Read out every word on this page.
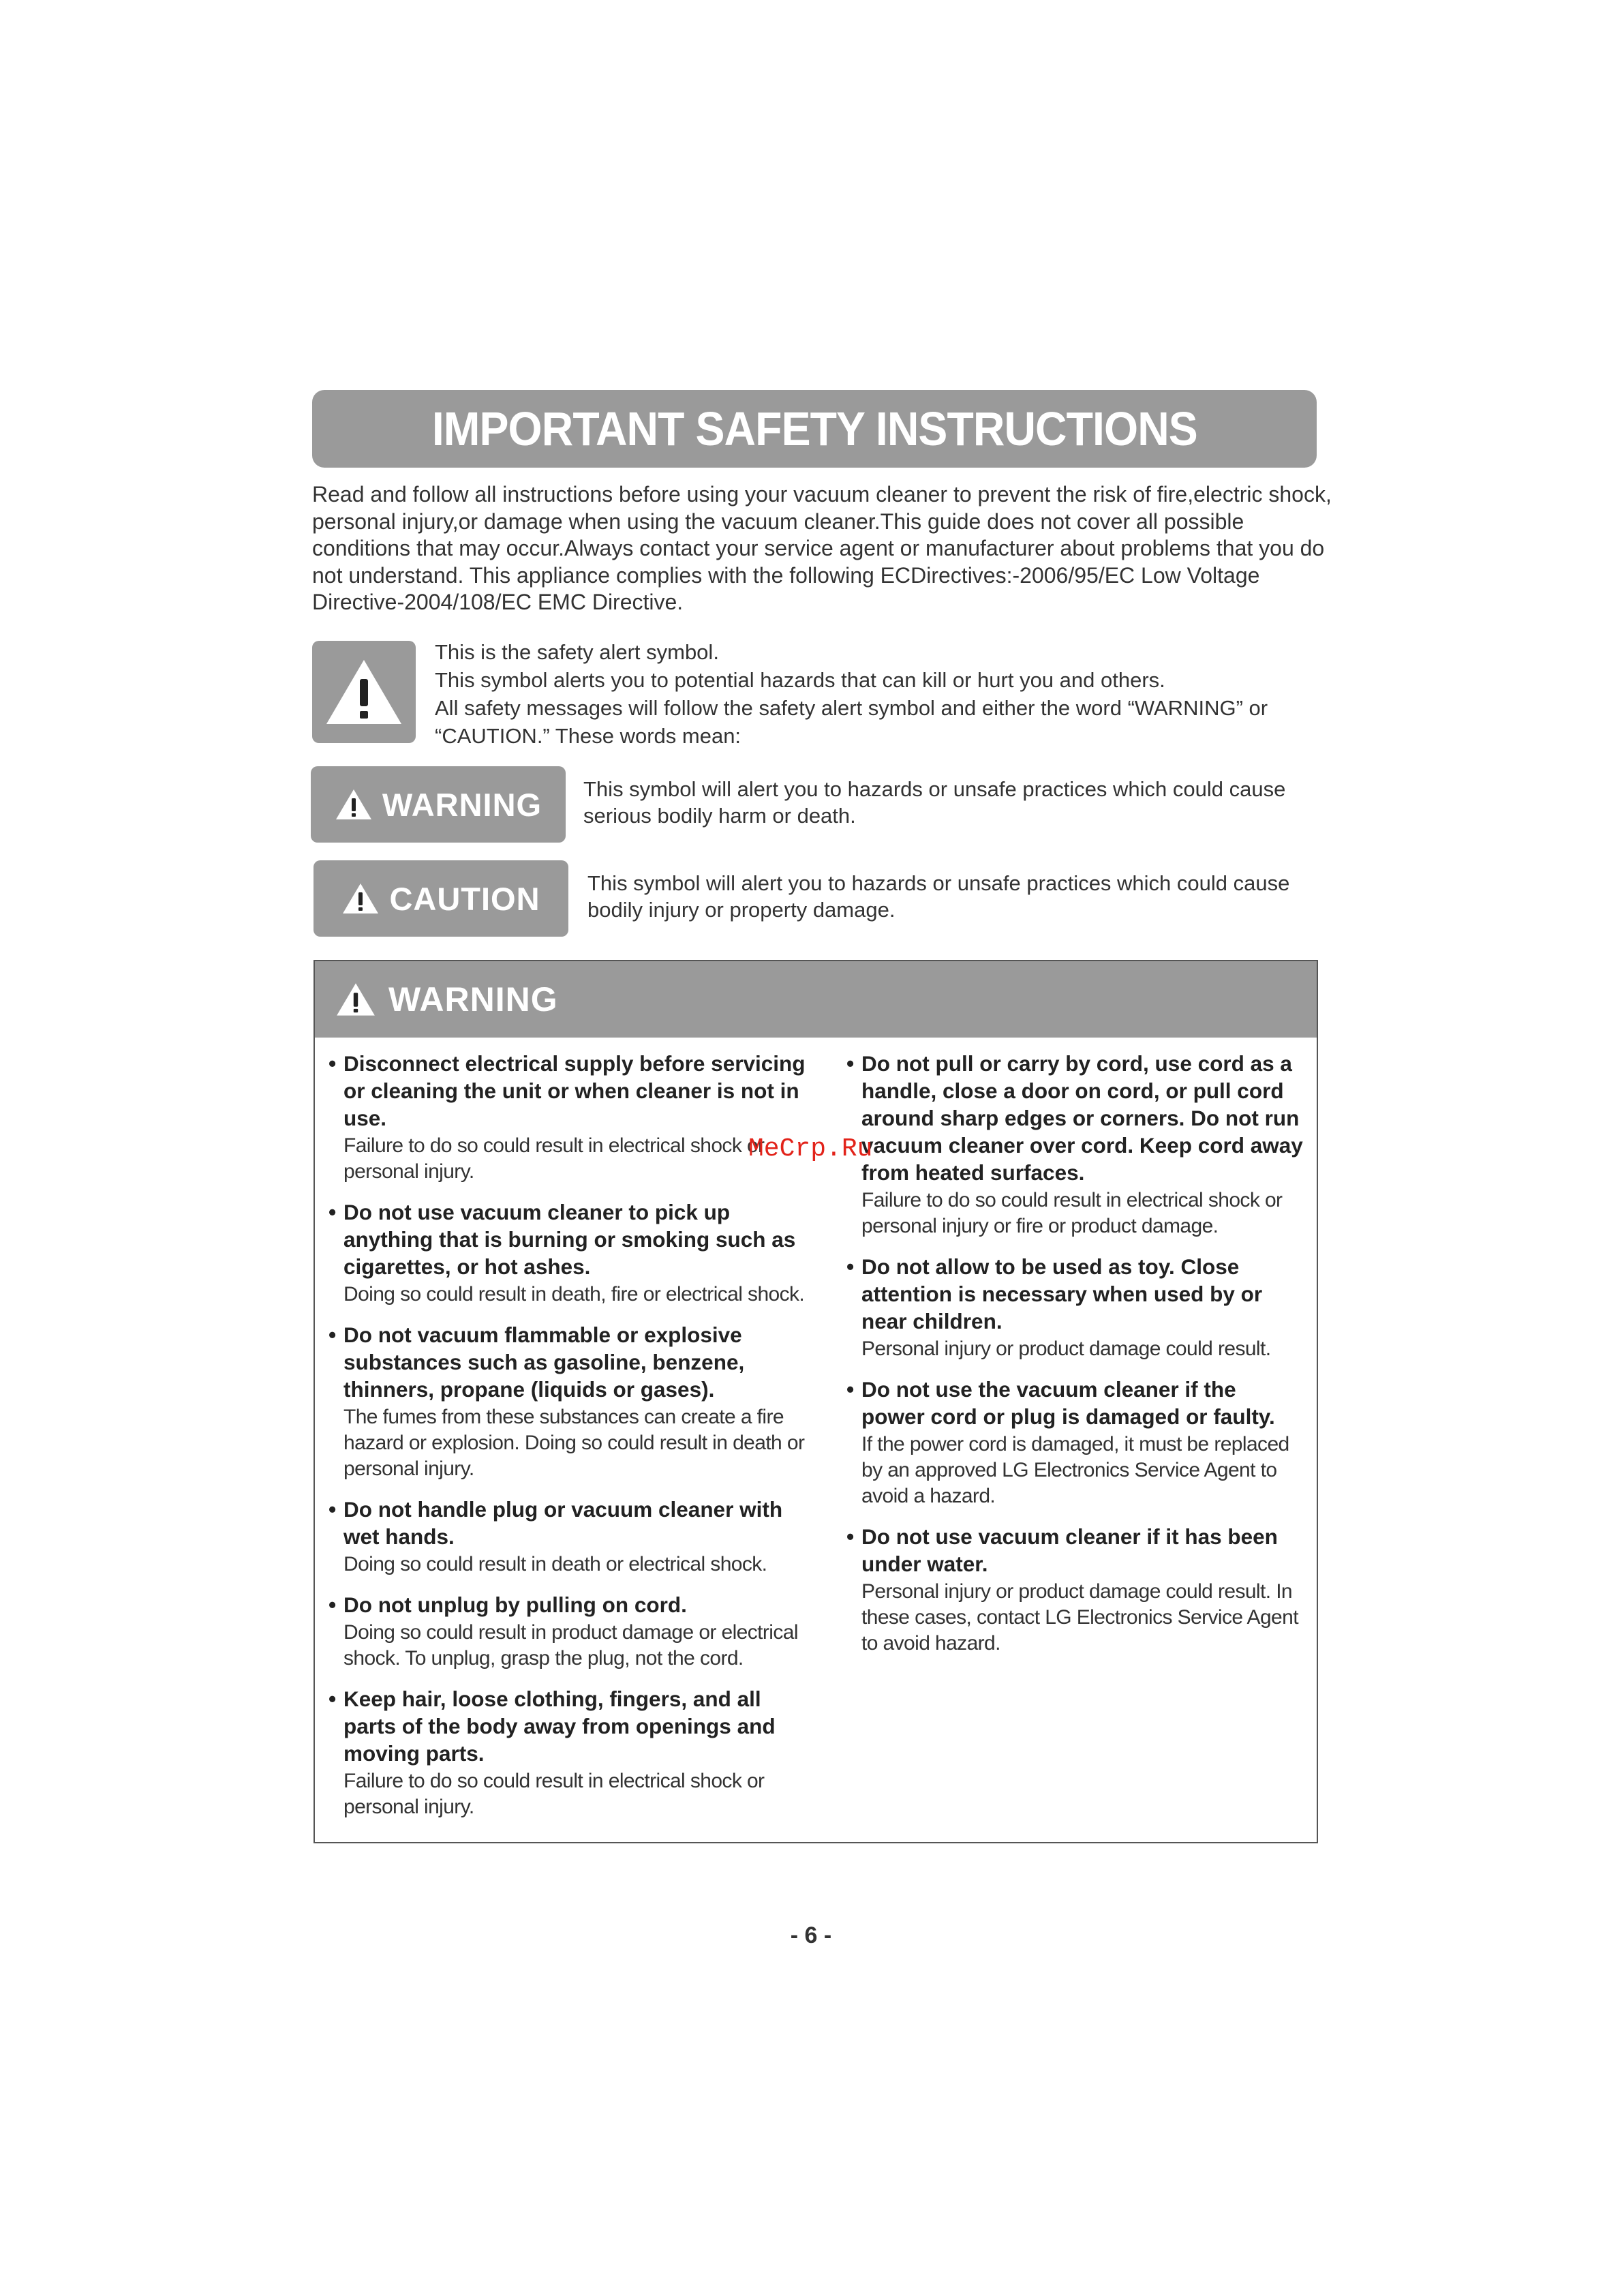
IMPORTANT SAFETY INSTRUCTIONS
Read and follow all instructions before using your vacuum cleaner to prevent the risk of fire,electric shock, personal injury,or damage when using the vacuum cleaner.This guide does not cover all possible conditions that may occur.Always contact your service agent or manufacturer about problems that you do not understand. This appliance complies with the following ECDirectives:-2006/95/EC Low Voltage Directive-2004/108/EC EMC Directive.
This is the safety alert symbol.
This symbol alerts you to potential hazards that can kill or hurt you and others.
All safety messages will follow the safety alert symbol and either the word “WARNING” or “CAUTION.” These words mean:
WARNING This symbol will alert you to hazards or unsafe practices which could cause serious bodily harm or death.
CAUTION This symbol will alert you to hazards or unsafe practices which could cause bodily injury or property damage.
WARNING
• Disconnect electrical supply before servicing or cleaning the unit or when cleaner is not in use.
Failure to do so could result in electrical shock or personal injury.
• Do not use vacuum cleaner to pick up anything that is burning or smoking such as cigarettes, or hot ashes.
Doing so could result in death, fire or electrical shock.
• Do not vacuum flammable or explosive substances such as gasoline, benzene, thinners, propane (liquids or gases).
The fumes from these substances can create a fire hazard or explosion. Doing so could result in death or personal injury.
• Do not handle plug or vacuum cleaner with wet hands.
Doing so could result in death or electrical shock.
• Do not unplug by pulling on cord.
Doing so could result in product damage or electrical shock. To unplug, grasp the plug, not the cord.
• Keep hair, loose clothing, fingers, and all parts of the body away from openings and moving parts.
Failure to do so could result in electrical shock or personal injury.
• Do not pull or carry by cord, use cord as a handle, close a door on cord, or pull cord around sharp edges or corners. Do not run vacuum cleaner over cord. Keep cord away from heated surfaces.
Failure to do so could result in electrical shock or personal injury or fire or product damage.
• Do not allow to be used as toy. Close attention is necessary when used by or near children.
Personal injury or product damage could result.
• Do not use the vacuum cleaner if the power cord or plug is damaged or faulty.
If the power cord is damaged, it must be replaced by an approved LG Electronics Service Agent to avoid a hazard.
• Do not use vacuum cleaner if it has been under water.
Personal injury or product damage could result. In these cases, contact LG Electronics Service Agent to avoid hazard.
MeCrp.Ru
- 6 -
